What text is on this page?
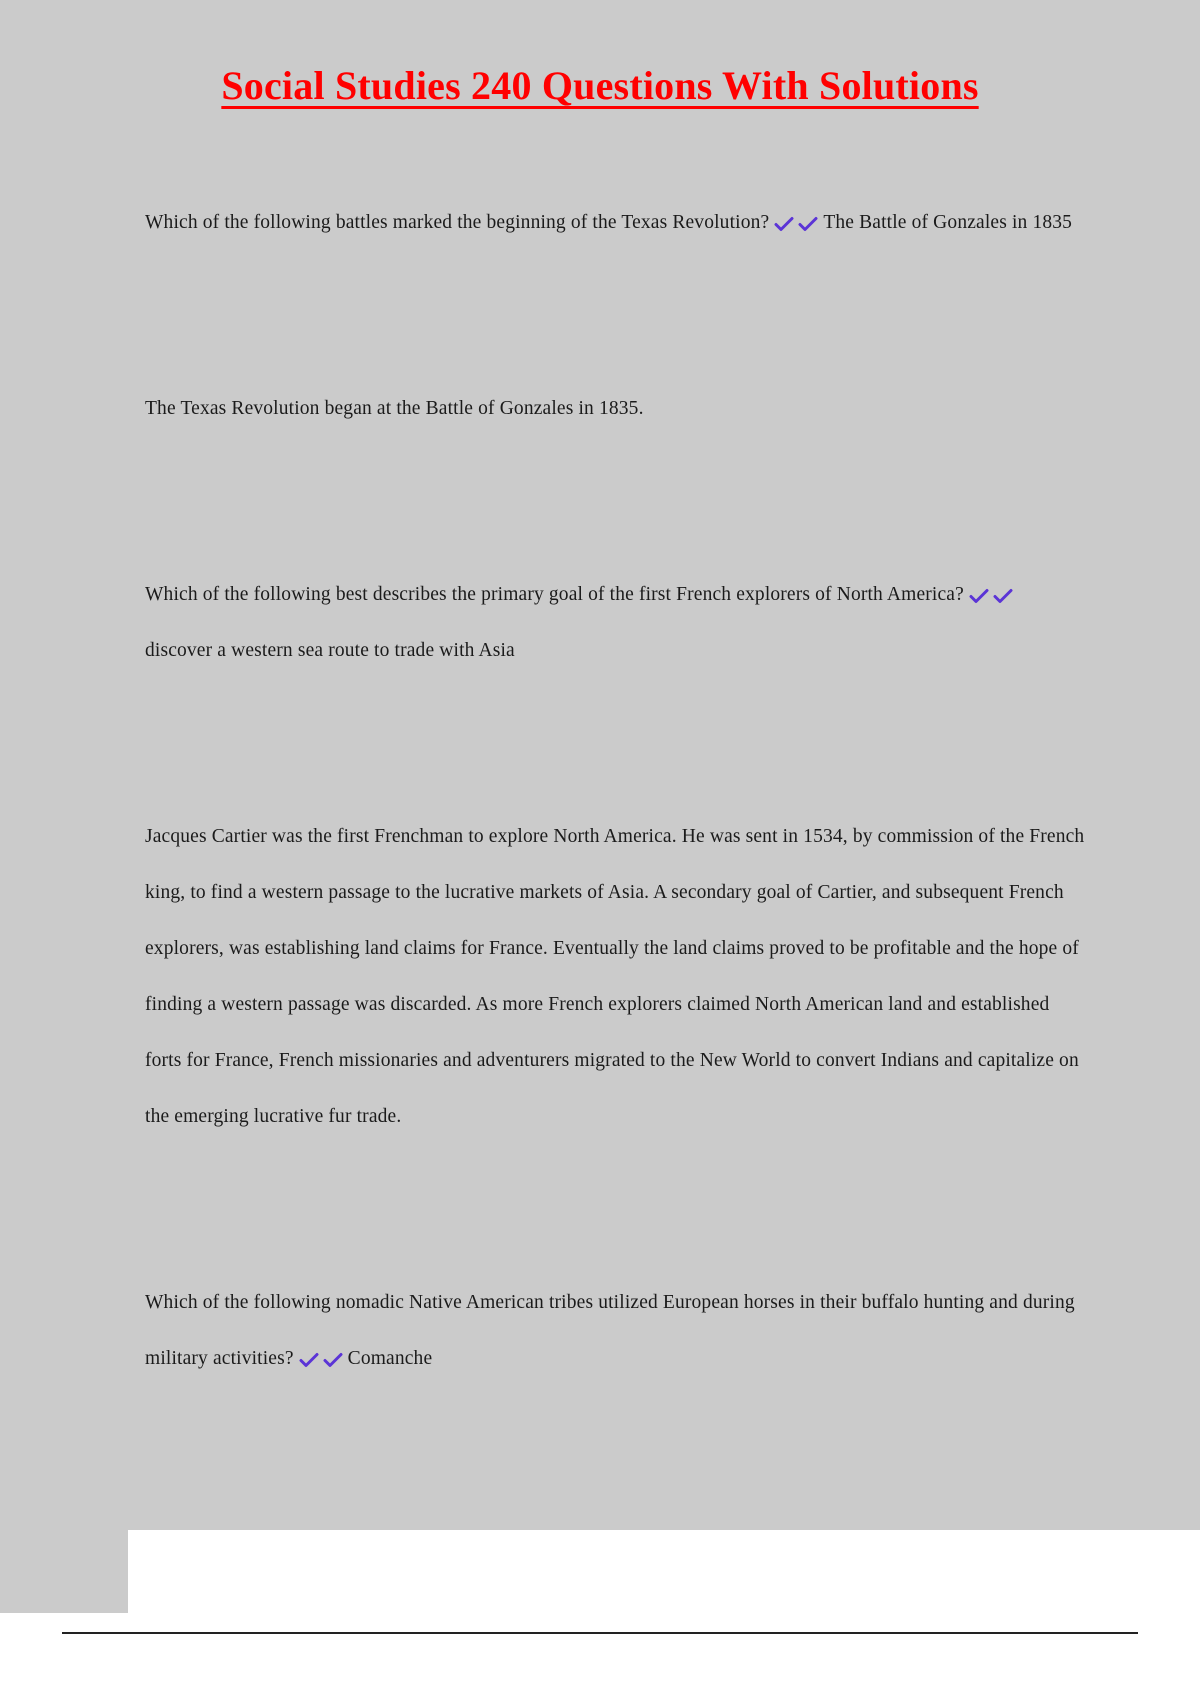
Social Studies 240 Questions With Solutions
Which of the following battles marked the beginning of the Texas Revolution?	The Battle of Gonzales in 1835
The Texas Revolution began at the Battle of Gonzales in 1835.
Which of the following best describes the primary goal of the first French explorers of North America?
discover a western sea route to trade with Asia
Jacques Cartier was the first Frenchman to explore North America. He was sent in 1534, by commission of the French king, to find a western passage to the lucrative markets of Asia. A secondary goal of Cartier, and subsequent French explorers, was establishing land claims for France. Eventually the land claims proved to be profitable and the hope of finding a western passage was discarded. As more French explorers claimed North American land and established forts for France, French missionaries and adventurers migrated to the New World to convert Indians and capitalize on the emerging lucrative fur trade.
Which of the following nomadic Native American tribes utilized European horses in their buffalo hunting and during military activities?	Comanche
